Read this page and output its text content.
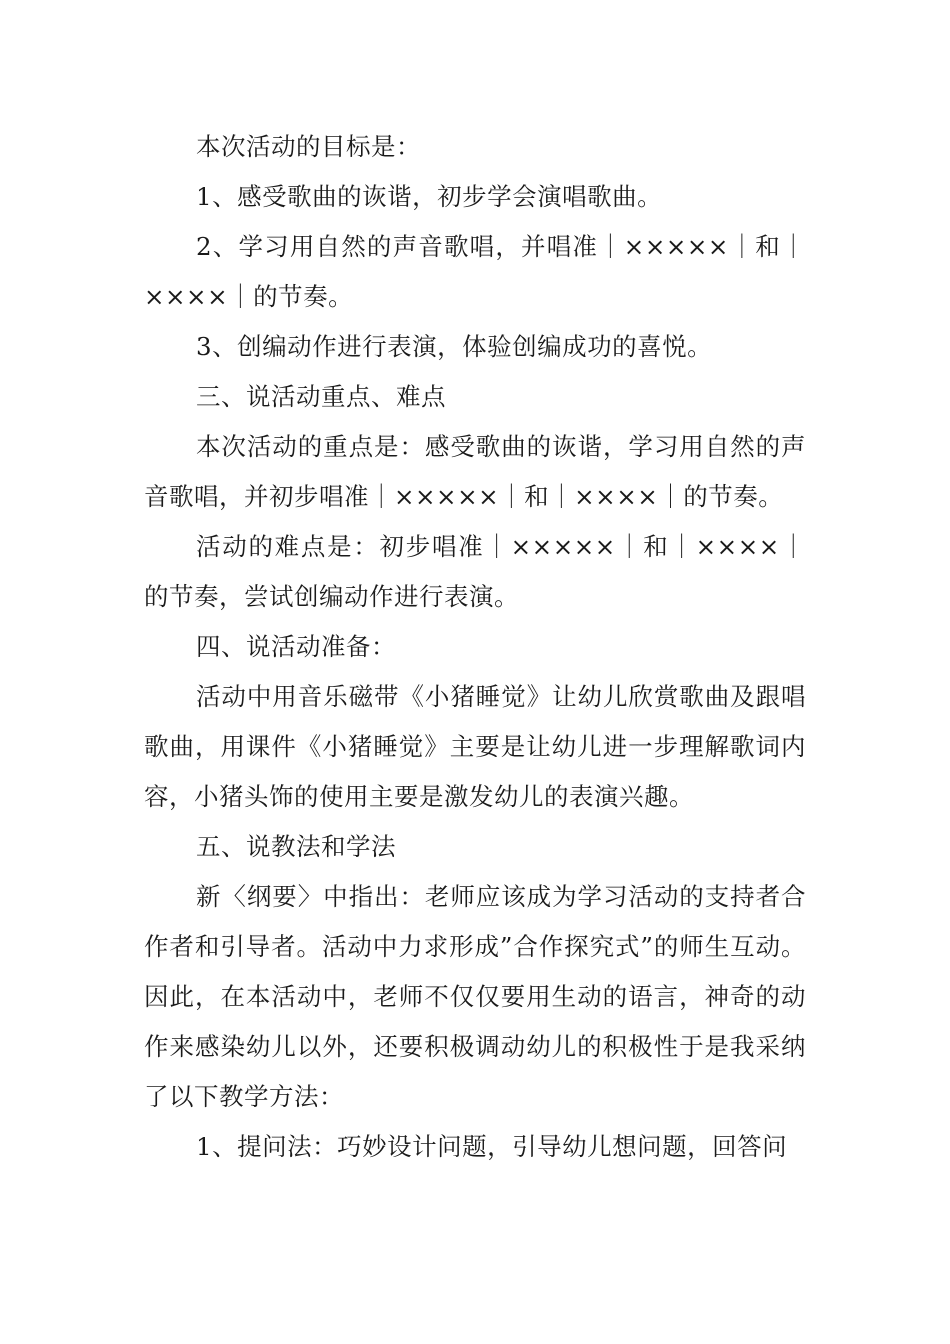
本次活动的目标是：

1、感受歌曲的诙谐，初步学会演唱歌曲。

2、学习用自然的声音歌唱，并唱准｜×××××｜和｜××××｜的节奏。

3、创编动作进行表演，体验创编成功的喜悦。

三、说活动重点、难点

本次活动的重点是：感受歌曲的诙谐，学习用自然的声音歌唱，并初步唱准｜×××××｜和｜××××｜的节奏。

活动的难点是：初步唱准｜×××××｜和｜××××｜的节奏，尝试创编动作进行表演。

四、说活动准备：

活动中用音乐磁带《小猪睡觉》让幼儿欣赏歌曲及跟唱歌曲，用课件《小猪睡觉》主要是让幼儿进一步理解歌词内容，小猪头饰的使用主要是激发幼儿的表演兴趣。

五、说教法和学法

新〈纲要〉中指出：老师应该成为学习活动的支持者合作者和引导者。活动中力求形成”合作探究式”的师生互动。因此，在本活动中，老师不仅仅要用生动的语言，神奇的动作来感染幼儿以外，还要积极调动幼儿的积极性于是我采纳了以下教学方法：

1、提问法：巧妙设计问题，引导幼儿想问题，回答问
